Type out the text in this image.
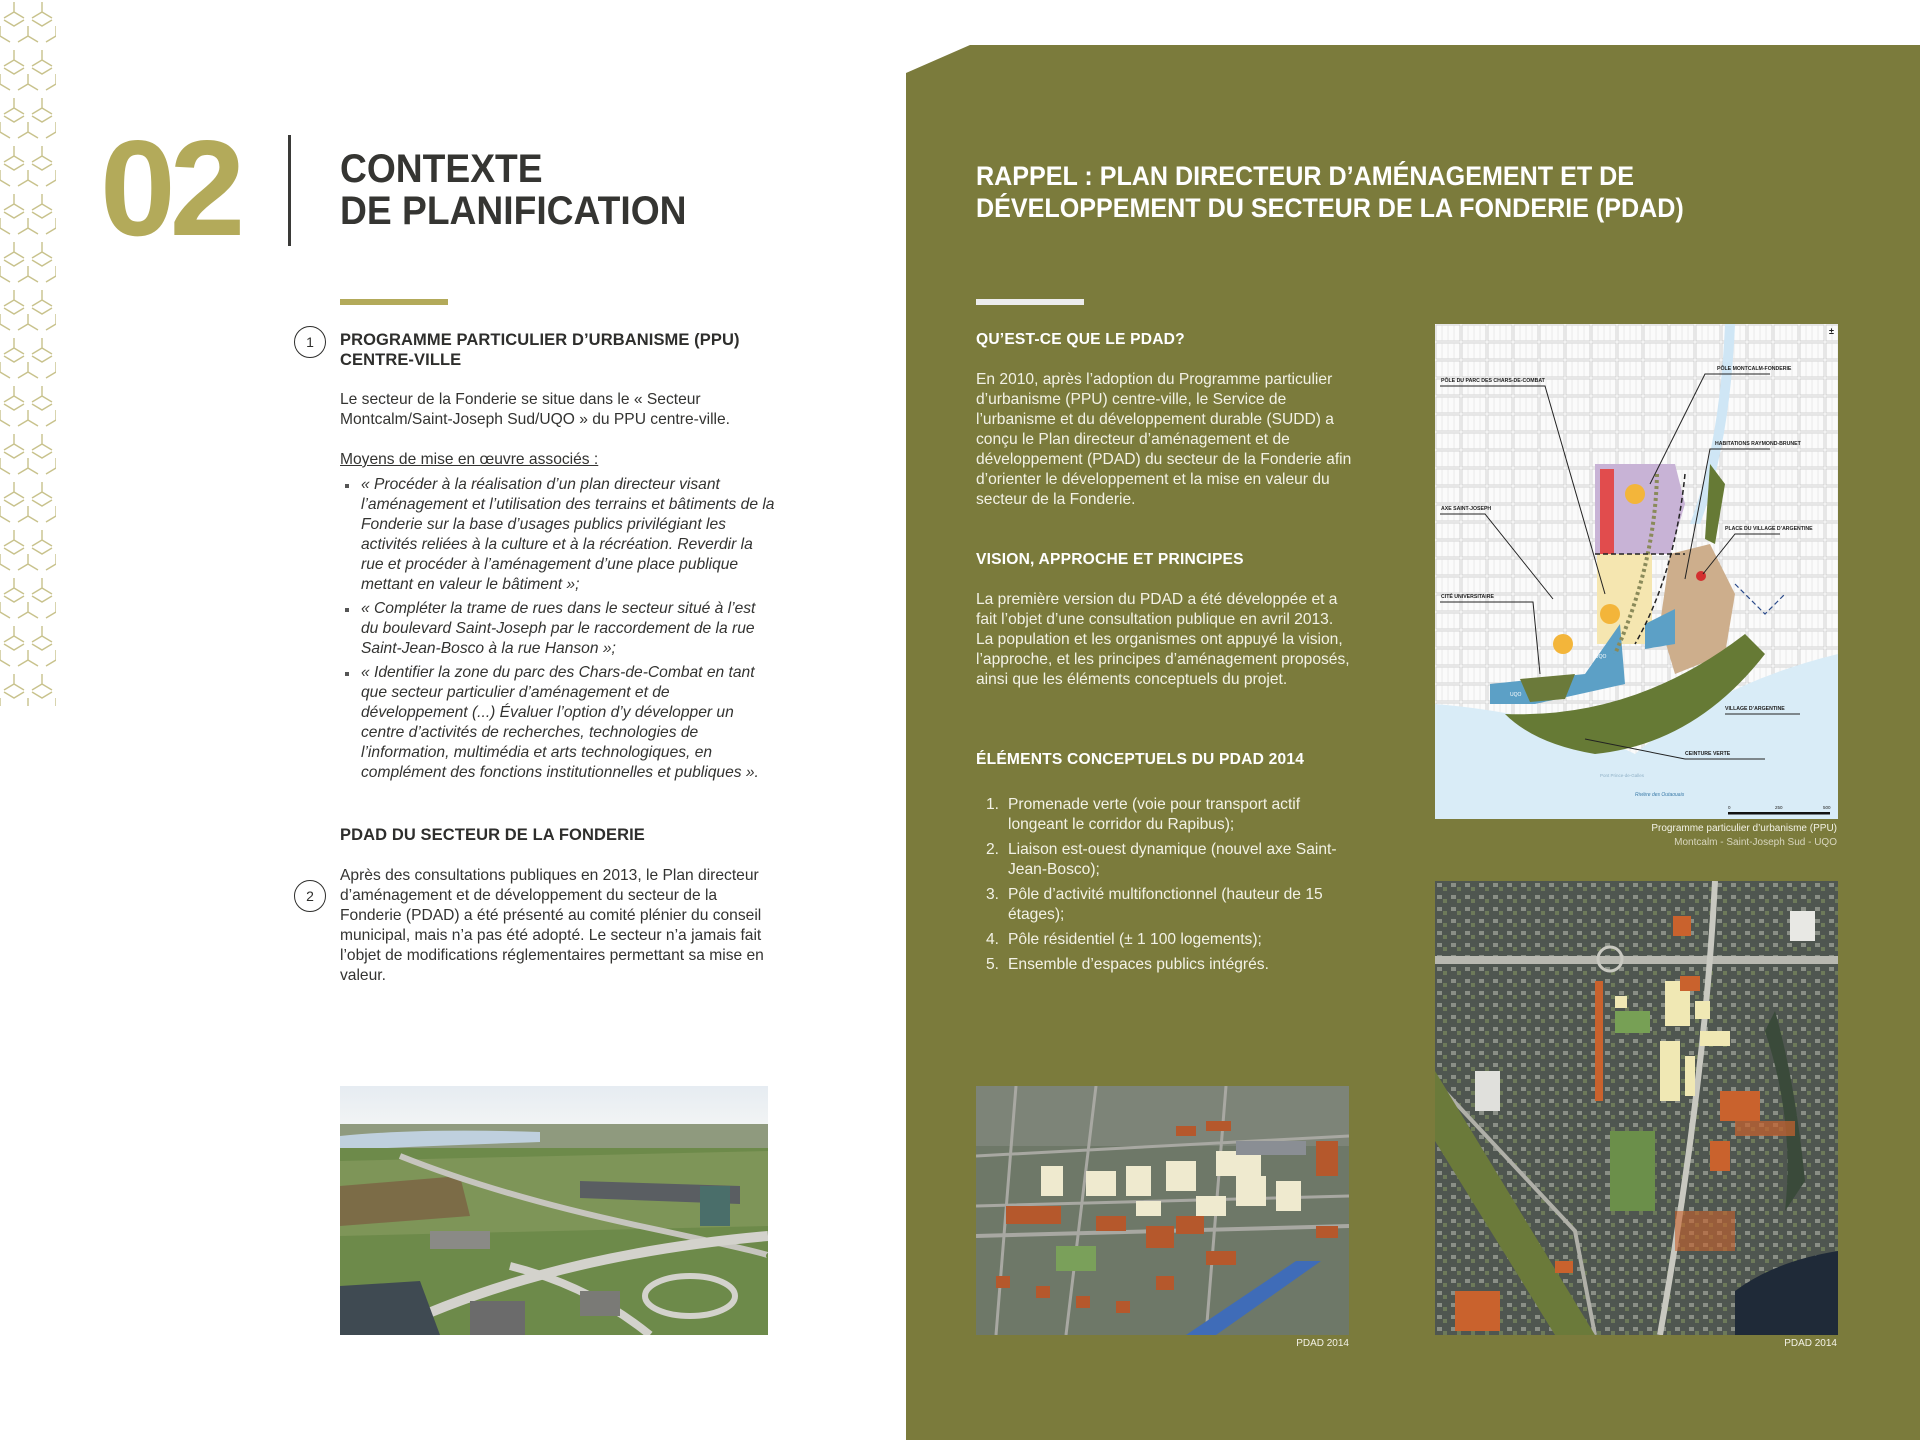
02	CONTEXTE
DE PLANIFICATION
1	PROGRAMME PARTICULIER D’URBANISME (PPU)
CENTRE-VILLE
Le secteur de la Fonderie se situe dans le « Secteur Montcalm/Saint-Joseph Sud/UQO » du PPU centre-ville.
Moyens de mise en œuvre associés :
« Procéder à la réalisation d’un plan directeur visant l’aménagement et l’utilisation des terrains et bâtiments de la Fonderie sur la base d’usages publics privilégiant les activités reliées à la culture et à la récréation. Reverdir la rue et procéder à l’aménagement d’une place publique mettant en valeur le bâtiment »;
« Compléter la trame de rues dans le secteur situé à l’est du boulevard Saint-Joseph par le raccordement de la rue Saint-Jean-Bosco à la rue Hanson »;
« Identifier la zone du parc des Chars-de-Combat en tant que secteur particulier d’aménagement et de développement (...) Évaluer l’option d’y développer un centre d’activités de recherches, technologies de l’information, multimédia et arts technologiques, en complément des fonctions institutionnelles et publiques ».
PDAD DU SECTEUR DE LA FONDERIE
2
Après des consultations publiques en 2013, le Plan directeur d’aménagement et de développement du secteur de la Fonderie (PDAD) a été présenté au comité plénier du conseil municipal, mais n’a pas été adopté. Le secteur n’a jamais fait l’objet de modifications réglementaires permettant sa mise en valeur.
RAPPEL : PLAN DIRECTEUR D’AMÉNAGEMENT ET DE
DÉVELOPPEMENT DU SECTEUR DE LA FONDERIE (PDAD)
QU’EST-CE QUE LE PDAD?
En 2010, après l’adoption du Programme particulier d’urbanisme (PPU) centre-ville, le Service de l’urbanisme et du développement durable (SUDD) a conçu le Plan directeur d’aménagement et de développement (PDAD) du secteur de la Fonderie afin d’orienter le développement et la mise en valeur du secteur de la Fonderie.
VISION, APPROCHE ET PRINCIPES
La première version du PDAD a été développée et a fait l’objet d’une consultation publique en avril 2013. La population et les organismes ont appuyé la vision, l’approche, et les principes d’aménagement proposés, ainsi que les éléments conceptuels du projet.
ÉLÉMENTS CONCEPTUELS DU PDAD 2014
1. Promenade verte (voie pour transport actif longeant le corridor du Rapibus);
2. Liaison est-ouest dynamique (nouvel axe Saint-Jean-Bosco);
3. Pôle d’activité multifonctionnel (hauteur de 15 étages);
4. Pôle résidentiel (± 1 100 logements);
5. Ensemble d’espaces publics intégrés.
PÔLE DU PARC DES CHARS-DE-COMBAT
PÔLE MONTCALM-FONDERIE
HABITATIONS RAYMOND-BRUNET
AXE SAINT-JOSEPH
PLACE DU VILLAGE D’ARGENTINE
CITÉ UNIVERSITAIRE
VILLAGE D’ARGENTINE
CEINTURE VERTE
UQO
UQO
Pont Prince-de-Galles
Rivière des Outaouais
0	250	500
±
Programme particulier d’urbanisme (PPU)
Montcalm - Saint-Joseph Sud - UQO
PDAD 2014
PDAD 2014
